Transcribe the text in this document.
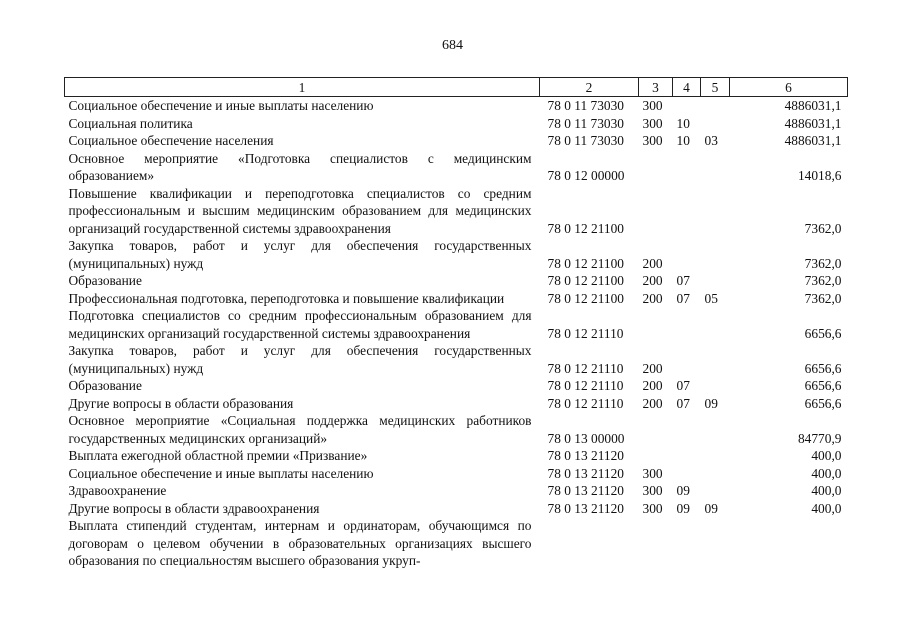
684
1	2	3	4	5	6
Социальное обеспечение и иные выплаты населению	78 0 11 73030	300			4886031,1
Социальная политика	78 0 11 73030	300	10		4886031,1
Социальное обеспечение населения	78 0 11 73030	300	10	03	4886031,1
Основное мероприятие «Подготовка специалистов с медицинским образованием»	78 0 12 00000				14018,6
Повышение квалификации и переподготовка специалистов со средним профессиональным и высшим медицинским образованием для медицинских организаций государственной системы здравоохранения	78 0 12 21100				7362,0
Закупка товаров, работ и услуг для обеспечения государственных (муниципальных) нужд	78 0 12 21100	200			7362,0
Образование	78 0 12 21100	200	07		7362,0
Профессиональная подготовка, переподготовка и повышение квалификации	78 0 12 21100	200	07	05	7362,0
Подготовка специалистов со средним профессиональным образованием для медицинских организаций государственной системы здравоохранения	78 0 12 21110				6656,6
Закупка товаров, работ и услуг для обеспечения государственных (муниципальных) нужд	78 0 12 21110	200			6656,6
Образование	78 0 12 21110	200	07		6656,6
Другие вопросы в области образования	78 0 12 21110	200	07	09	6656,6
Основное мероприятие «Социальная поддержка медицинских работников государственных медицинских организаций»	78 0 13 00000				84770,9
Выплата ежегодной областной премии «Призвание»	78 0 13 21120				400,0
Социальное обеспечение и иные выплаты населению	78 0 13 21120	300			400,0
Здравоохранение	78 0 13 21120	300	09		400,0
Другие вопросы в области здравоохранения	78 0 13 21120	300	09	09	400,0
Выплата стипендий студентам, интернам и ординаторам, обучающимся по договорам о целевом обучении в образовательных организациях высшего образования по специальностям высшего образования укруп-					
